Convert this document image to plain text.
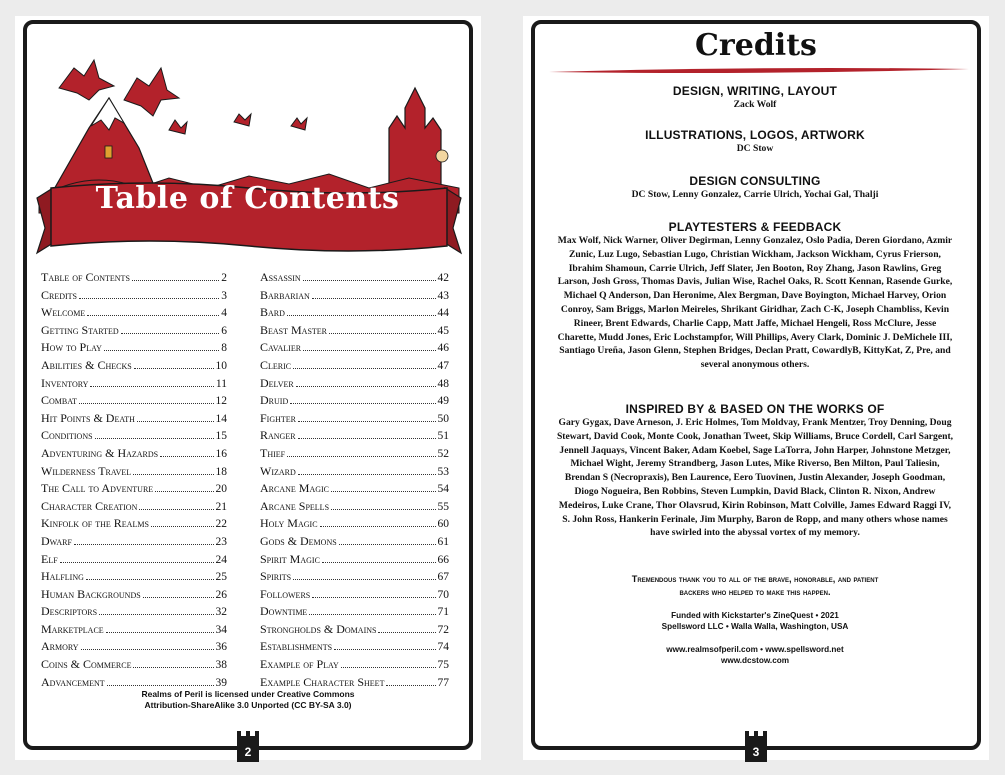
Table of Contents
Table of Contents	2
Credits	3
Welcome	4
Getting Started	6
How to Play	8
Abilities & Checks	10
Inventory	11
Combat	12
Hit Points & Death	14
Conditions	15
Adventuring & Hazards	16
Wilderness Travel	18
The Call to Adventure	20
Character Creation	21
Kinfolk of the Realms	22
Dwarf	23
Elf	24
Halfling	25
Human Backgrounds	26
Descriptors	32
Marketplace	34
Armory	36
Coins & Commerce	38
Advancement	39
Assassin	42
Barbarian	43
Bard	44
Beast Master	45
Cavalier	46
Cleric	47
Delver	48
Druid	49
Fighter	50
Ranger	51
Thief	52
Wizard	53
Arcane Magic	54
Arcane Spells	55
Holy Magic	60
Gods & Demons	61
Spirit Magic	66
Spirits	67
Followers	70
Downtime	71
Strongholds & Domains	72
Establishments	74
Example of Play	75
Example Character Sheet	77
Realms of Peril is licensed under Creative Commons
Attribution-ShareAlike 3.0 Unported (CC BY-SA 3.0)
2
Credits
DESIGN, WRITING, LAYOUT
Zack Wolf
ILLUSTRATIONS, LOGOS, ARTWORK
DC Stow
DESIGN CONSULTING
DC Stow, Lenny Gonzalez, Carrie Ulrich, Yochai Gal, Thalji
PLAYTESTERS & FEEDBACK
Max Wolf, Nick Warner, Oliver Degirman, Lenny Gonzalez, Oslo Padia, Deren Giordano, Azmir Zunic, Luz Lugo, Sebastian Lugo, Christian Wickham, Jackson Wickham, Cyrus Frierson, Ibrahim Shamoun, Carrie Ulrich, Jeff Slater, Jen Booton, Roy Zhang, Jason Rawlins, Greg Larson, Josh Gross, Thomas Davis, Julian Wise, Rachel Oaks, R. Scott Kennan, Rasende Gurke, Michael Q Anderson, Dan Heronime, Alex Bergman, Dave Boyington, Michael Harvey, Orion Conroy, Sam Briggs, Marlon Meireles, Shrikant Giridhar, Zach C-K, Joseph Chambliss, Kevin Rineer, Brent Edwards, Charlie Capp, Matt Jaffe, Michael Hengeli, Ross McClure, Jesse Charette, Mudd Jones, Eric Lochstampfor, Will Phillips, Avery Clark, Dominic J. DeMichele III, Santiago Ureña, Jason Glenn, Stephen Bridges, Declan Pratt, CowardlyB, KittyKat, Z, Pre, and several anonymous others.
INSPIRED BY & BASED ON THE WORKS OF
Gary Gygax, Dave Arneson, J. Eric Holmes, Tom Moldvay, Frank Mentzer, Troy Denning, Doug Stewart, David Cook, Monte Cook, Jonathan Tweet, Skip Williams, Bruce Cordell, Carl Sargent, Jennell Jaquays, Vincent Baker, Adam Koebel, Sage LaTorra, John Harper, Johnstone Metzger, Michael Wight, Jeremy Strandberg, Jason Lutes, Mike Riverso, Ben Milton, Paul Taliesin, Brendan S (Necropraxis), Ben Laurence, Eero Tuovinen, Justin Alexander, Joseph Goodman, Diogo Nogueira, Ben Robbins, Steven Lumpkin, David Black, Clinton R. Nixon, Andrew Medeiros, Luke Crane, Thor Olavsrud, Kirin Robinson, Matt Colville, James Edward Raggi IV, S. John Ross, Hankerin Ferinale, Jim Murphy, Baron de Ropp, and many others whose names have swirled into the abyssal vortex of my memory.
Tremendous thank you to all of the brave, honorable, and patient
backers who helped to make this happen.
Funded with Kickstarter's ZineQuest • 2021
Spellsword LLC • Walla Walla, Washington, USA
www.realmsofperil.com • www.spellsword.net
www.dcstow.com
3
